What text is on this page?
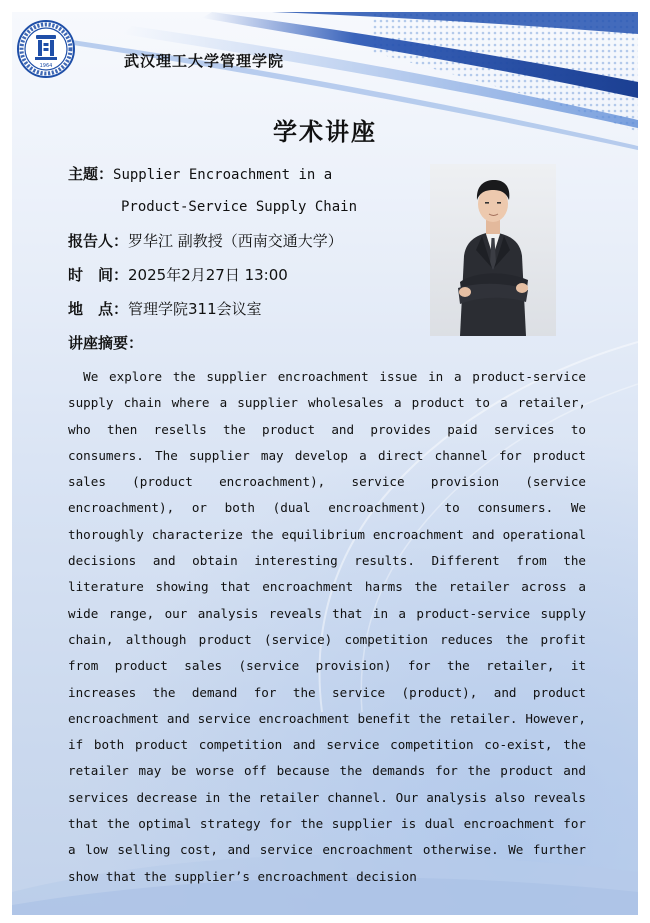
1964	武汉理工大学管理学院
学术讲座
主题：Supplier Encroachment in a
Product-Service Supply Chain
报告人：罗华江 副教授（西南交通大学）
时　间：2025年2月27日 13:00
地　点：管理学院311会议室
讲座摘要：
We explore the supplier encroachment issue in a product-service supply chain where a supplier wholesales a product to a retailer, who then resells the product and provides paid services to consumers. The supplier may develop a direct channel for product sales (product encroachment), service provision (service encroachment), or both (dual encroachment) to consumers. We thoroughly characterize the equilibrium encroachment and operational decisions and obtain interesting results. Different from the literature showing that encroachment harms the retailer across a wide range, our analysis reveals that in a product-service supply chain, although product (service) competition reduces the profit from product sales (service provision) for the retailer, it increases the demand for the service (product), and product encroachment and service encroachment benefit the retailer. However, if both product competition and service competition co-exist, the retailer may be worse off because the demands for the product and services decrease in the retailer channel. Our analysis also reveals that the optimal strategy for the supplier is dual encroachment for a low selling cost, and service encroachment otherwise. We further show that the supplier’s encroachment decision
